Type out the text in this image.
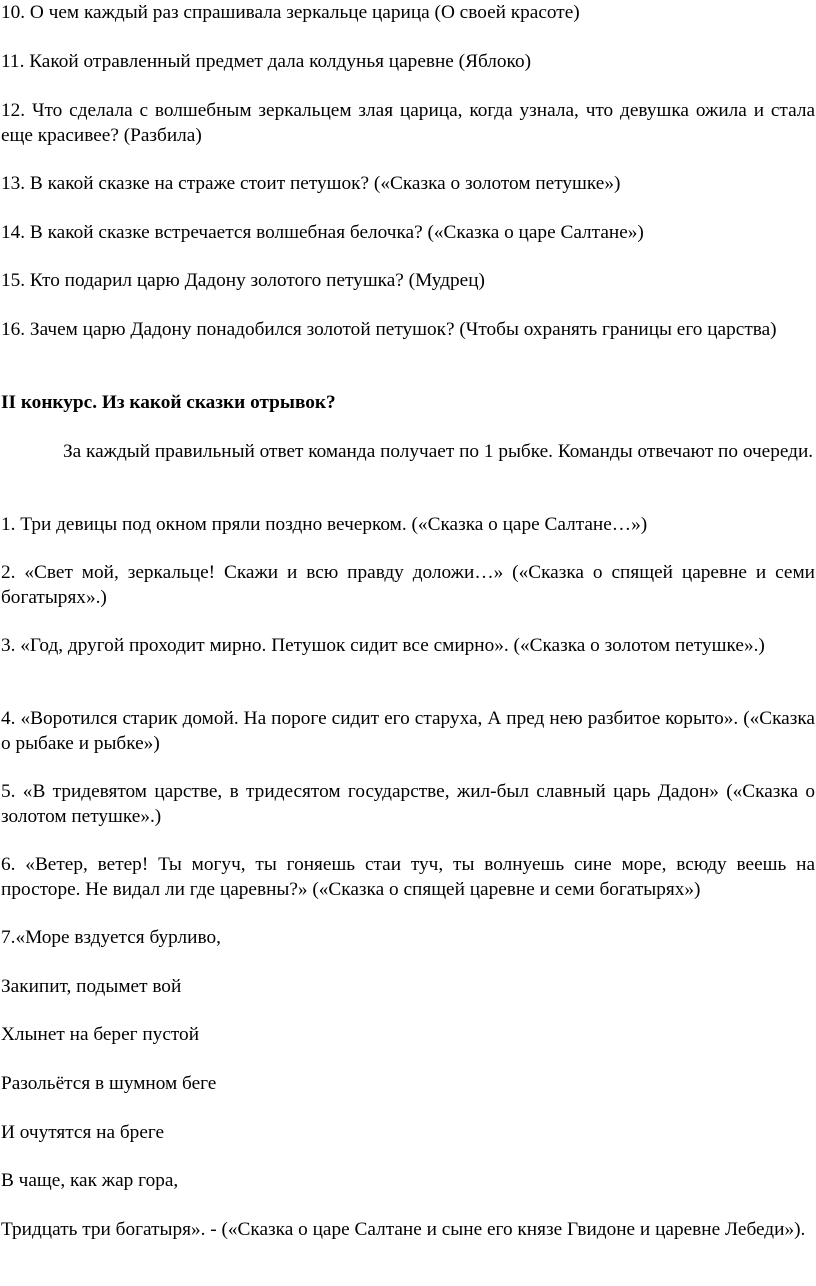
10. О чем каждый раз спрашивала зеркальце царица (О своей красоте)

11. Какой отравленный предмет дала колдунья царевне (Яблоко)

12. Что сделала с волшебным зеркальцем злая царица, когда узнала, что девушка ожила и стала еще красивее? (Разбила)

13. В какой сказке на страже стоит петушок? («Сказка о золотом петушке»)

14. В какой сказке встречается волшебная белочка? («Сказка о царе Салтане»)

15. Кто подарил царю Дадону золотого петушка? (Мудрец)

16. Зачем царю Дадону понадобился золотой петушок? (Чтобы охранять границы его царства)

II конкурс. Из какой сказки отрывок?

За каждый правильный ответ команда получает по 1 рыбке. Команды отвечают по очереди.

1. Три девицы под окном пряли поздно вечерком. («Сказка о царе Салтане…»)

2. «Свет мой, зеркальце! Скажи и всю правду доложи…» («Сказка о спящей царевне и семи богатырях».)

3. «Год, другой проходит мирно. Петушок сидит все смирно». («Сказка о золотом петушке».)

4. «Воротился старик домой. На пороге сидит его старуха, А пред нею разбитое корыто». («Сказка о рыбаке и рыбке»)

5. «В тридевятом царстве, в тридесятом государстве, жил-был славный царь Дадон» («Сказка о золотом петушке».)

6. «Ветер, ветер! Ты могуч, ты гоняешь стаи туч, ты волнуешь сине море, всюду веешь на просторе. Не видал ли где царевны?» («Сказка о спящей царевне и семи богатырях»)

7.«Море вздуется бурливо,

Закипит, подымет вой

Хлынет на берег пустой

Разольётся в шумном беге

И очутятся на бреге

В чаще, как жар гора,

Тридцать три богатыря». - («Сказка о царе Салтане и сыне его князе Гвидоне и царевне Лебеди»).
